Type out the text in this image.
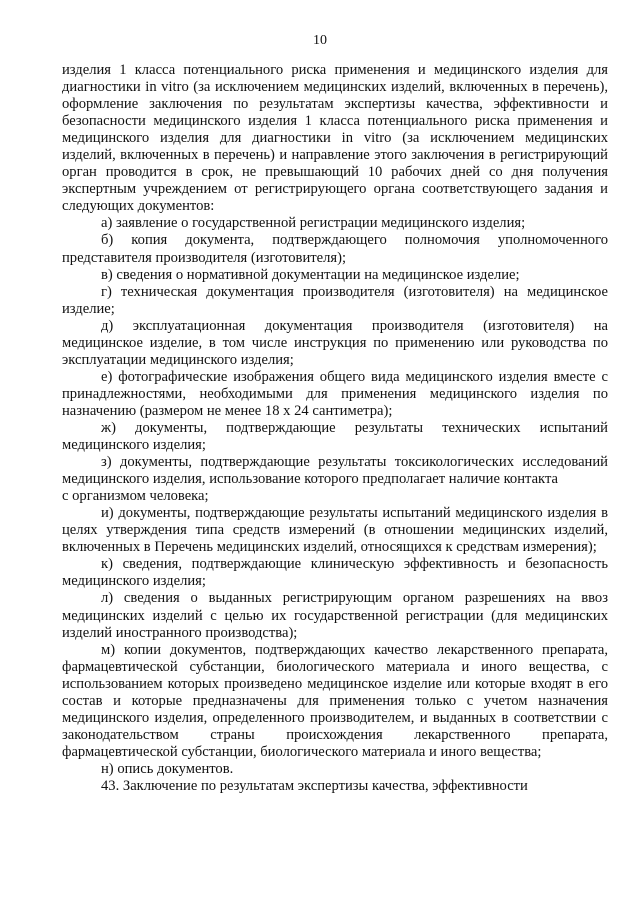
10

изделия 1 класса потенциального риска применения и медицинского изделия для диагностики in vitro (за исключением медицинских изделий, включенных в перечень), оформление заключения по результатам экспертизы качества, эффективности и безопасности медицинского изделия 1 класса потенциального риска применения и медицинского изделия для диагностики in vitro (за исключением медицинских изделий, включенных в перечень) и направление этого заключения в регистрирующий орган проводится в срок, не превышающий 10 рабочих дней со дня получения экспертным учреждением от регистрирующего органа соответствующего задания и следующих документов:

а) заявление о государственной регистрации медицинского изделия;

б) копия документа, подтверждающего полномочия уполномоченного представителя производителя (изготовителя);

в) сведения о нормативной документации на медицинское изделие;

г) техническая документация производителя (изготовителя) на медицинское изделие;

д) эксплуатационная документация производителя (изготовителя) на медицинское изделие, в том числе инструкция по применению или руководства по эксплуатации медицинского изделия;

е) фотографические изображения общего вида медицинского изделия вместе с принадлежностями, необходимыми для применения медицинского изделия по назначению (размером не менее 18 х 24 сантиметра);

ж) документы, подтверждающие результаты технических испытаний медицинского изделия;

з) документы, подтверждающие результаты токсикологических исследований медицинского изделия, использование которого предполагает наличие контакта

с организмом человека;

и) документы, подтверждающие результаты испытаний медицинского изделия в целях утверждения типа средств измерений (в отношении медицинских изделий, включенных в Перечень медицинских изделий, относящихся к средствам измерения);

к) сведения, подтверждающие клиническую эффективность и безопасность медицинского изделия;

л) сведения о выданных регистрирующим органом разрешениях на ввоз медицинских изделий с целью их государственной регистрации (для медицинских изделий иностранного производства);

м) копии документов, подтверждающих качество лекарственного препарата, фармацевтической субстанции, биологического материала и иного вещества, с использованием которых произведено медицинское изделие или которые входят в его состав и которые предназначены для применения только с учетом назначения медицинского изделия, определенного производителем, и выданных в соответствии с законодательством страны происхождения лекарственного препарата, фармацевтической субстанции, биологического материала и иного вещества;

н) опись документов.

43. Заключение по результатам экспертизы качества, эффективности
